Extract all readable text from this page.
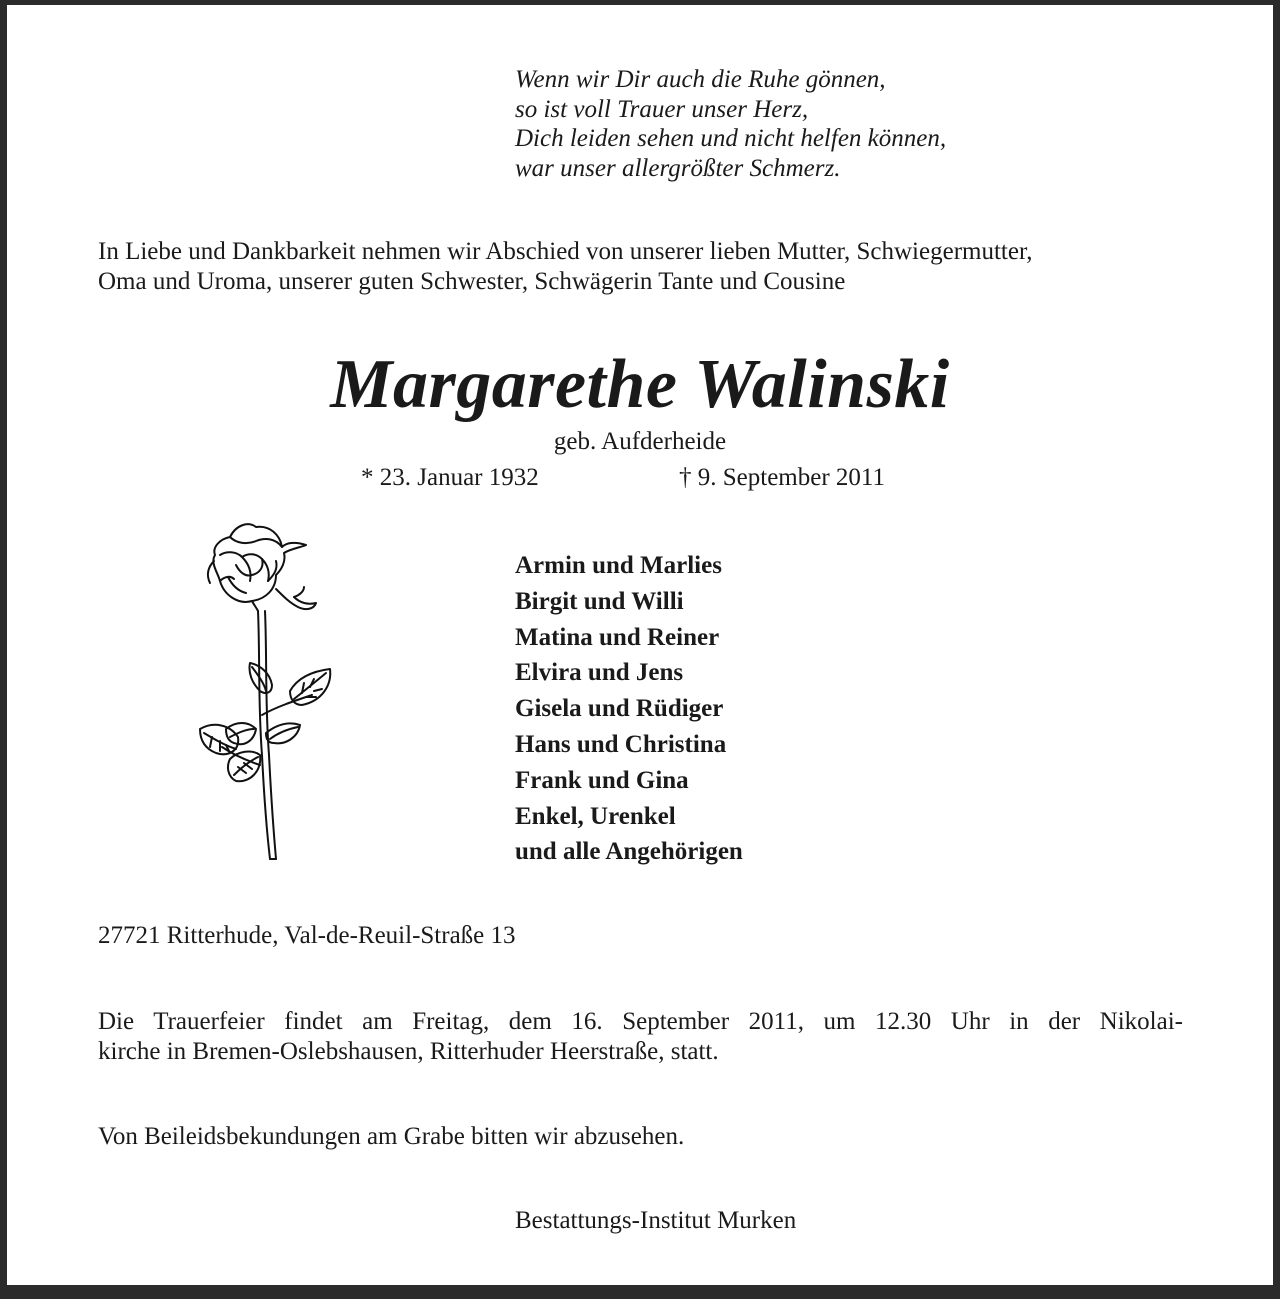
Wenn wir Dir auch die Ruhe gönnen,
so ist voll Trauer unser Herz,
Dich leiden sehen und nicht helfen können,
war unser allergrößter Schmerz.
In Liebe und Dankbarkeit nehmen wir Abschied von unserer lieben Mutter, Schwiegermutter,
Oma und Uroma, unserer guten Schwester, Schwägerin Tante und Cousine
Margarethe Walinski
geb. Aufderheide
* 23. Januar 1932	† 9. September 2011
Armin und Marlies
Birgit und Willi
Matina und Reiner
Elvira und Jens
Gisela und Rüdiger
Hans und Christina
Frank und Gina
Enkel, Urenkel
und alle Angehörigen
27721 Ritterhude, Val-de-Reuil-Straße 13
Die Trauerfeier findet am Freitag, dem 16. September 2011, um 12.30 Uhr in der Nikolai-
kirche in Bremen-Oslebshausen, Ritterhuder Heerstraße, statt.
Von Beileidsbekundungen am Grabe bitten wir abzusehen.
Bestattungs-Institut Murken
